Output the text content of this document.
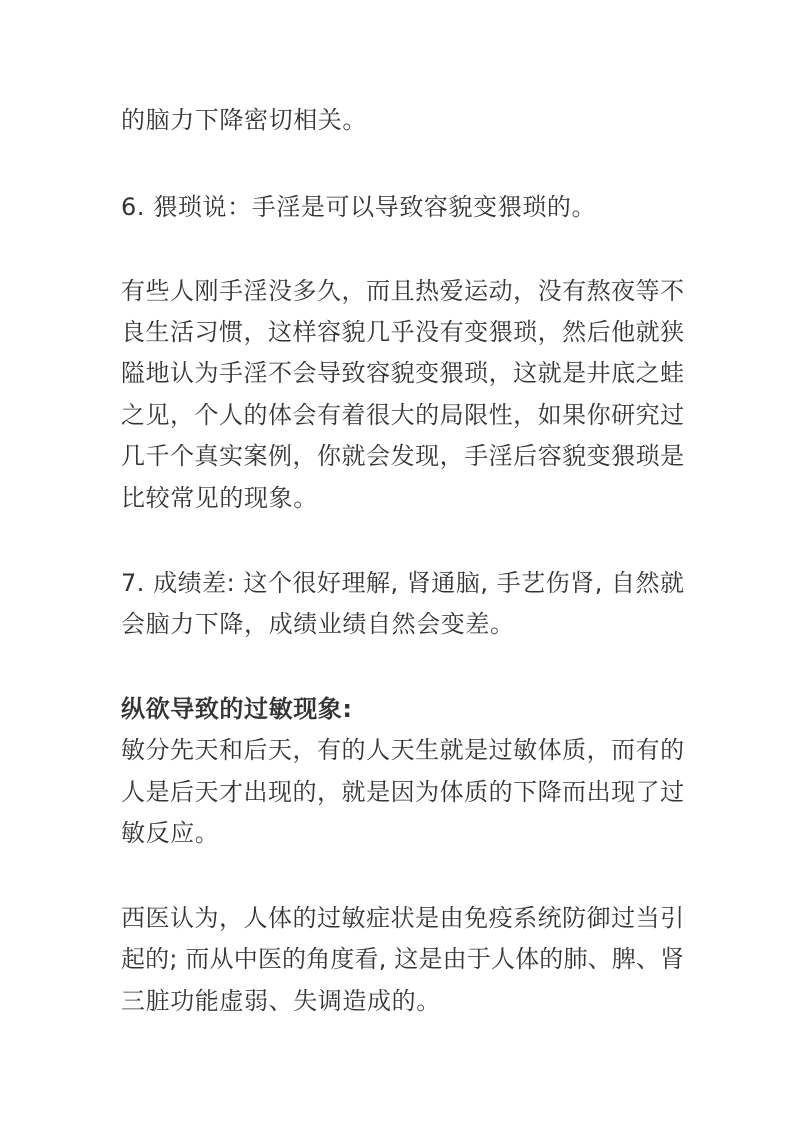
的脑力下降密切相关。
6. 猥琐说：手淫是可以导致容貌变猥琐的。
有些人刚手淫没多久，而且热爱运动，没有熬夜等不
良生活习惯，这样容貌几乎没有变猥琐，然后他就狭
隘地认为手淫不会导致容貌变猥琐，这就是井底之蛙
之见，个人的体会有着很大的局限性，如果你研究过
几千个真实案例，你就会发现，手淫后容貌变猥琐是
比较常见的现象。
7. 成绩差: 这个很好理解, 肾通脑, 手艺伤肾, 自然就
会脑力下降，成绩业绩自然会变差。
纵欲导致的过敏现象:
敏分先天和后天，有的人天生就是过敏体质，而有的
人是后天才出现的，就是因为体质的下降而出现了过
敏反应。
西医认为，人体的过敏症状是由免疫系统防御过当引
起的; 而从中医的角度看, 这是由于人体的肺、脾、肾
三脏功能虚弱、失调造成的。
